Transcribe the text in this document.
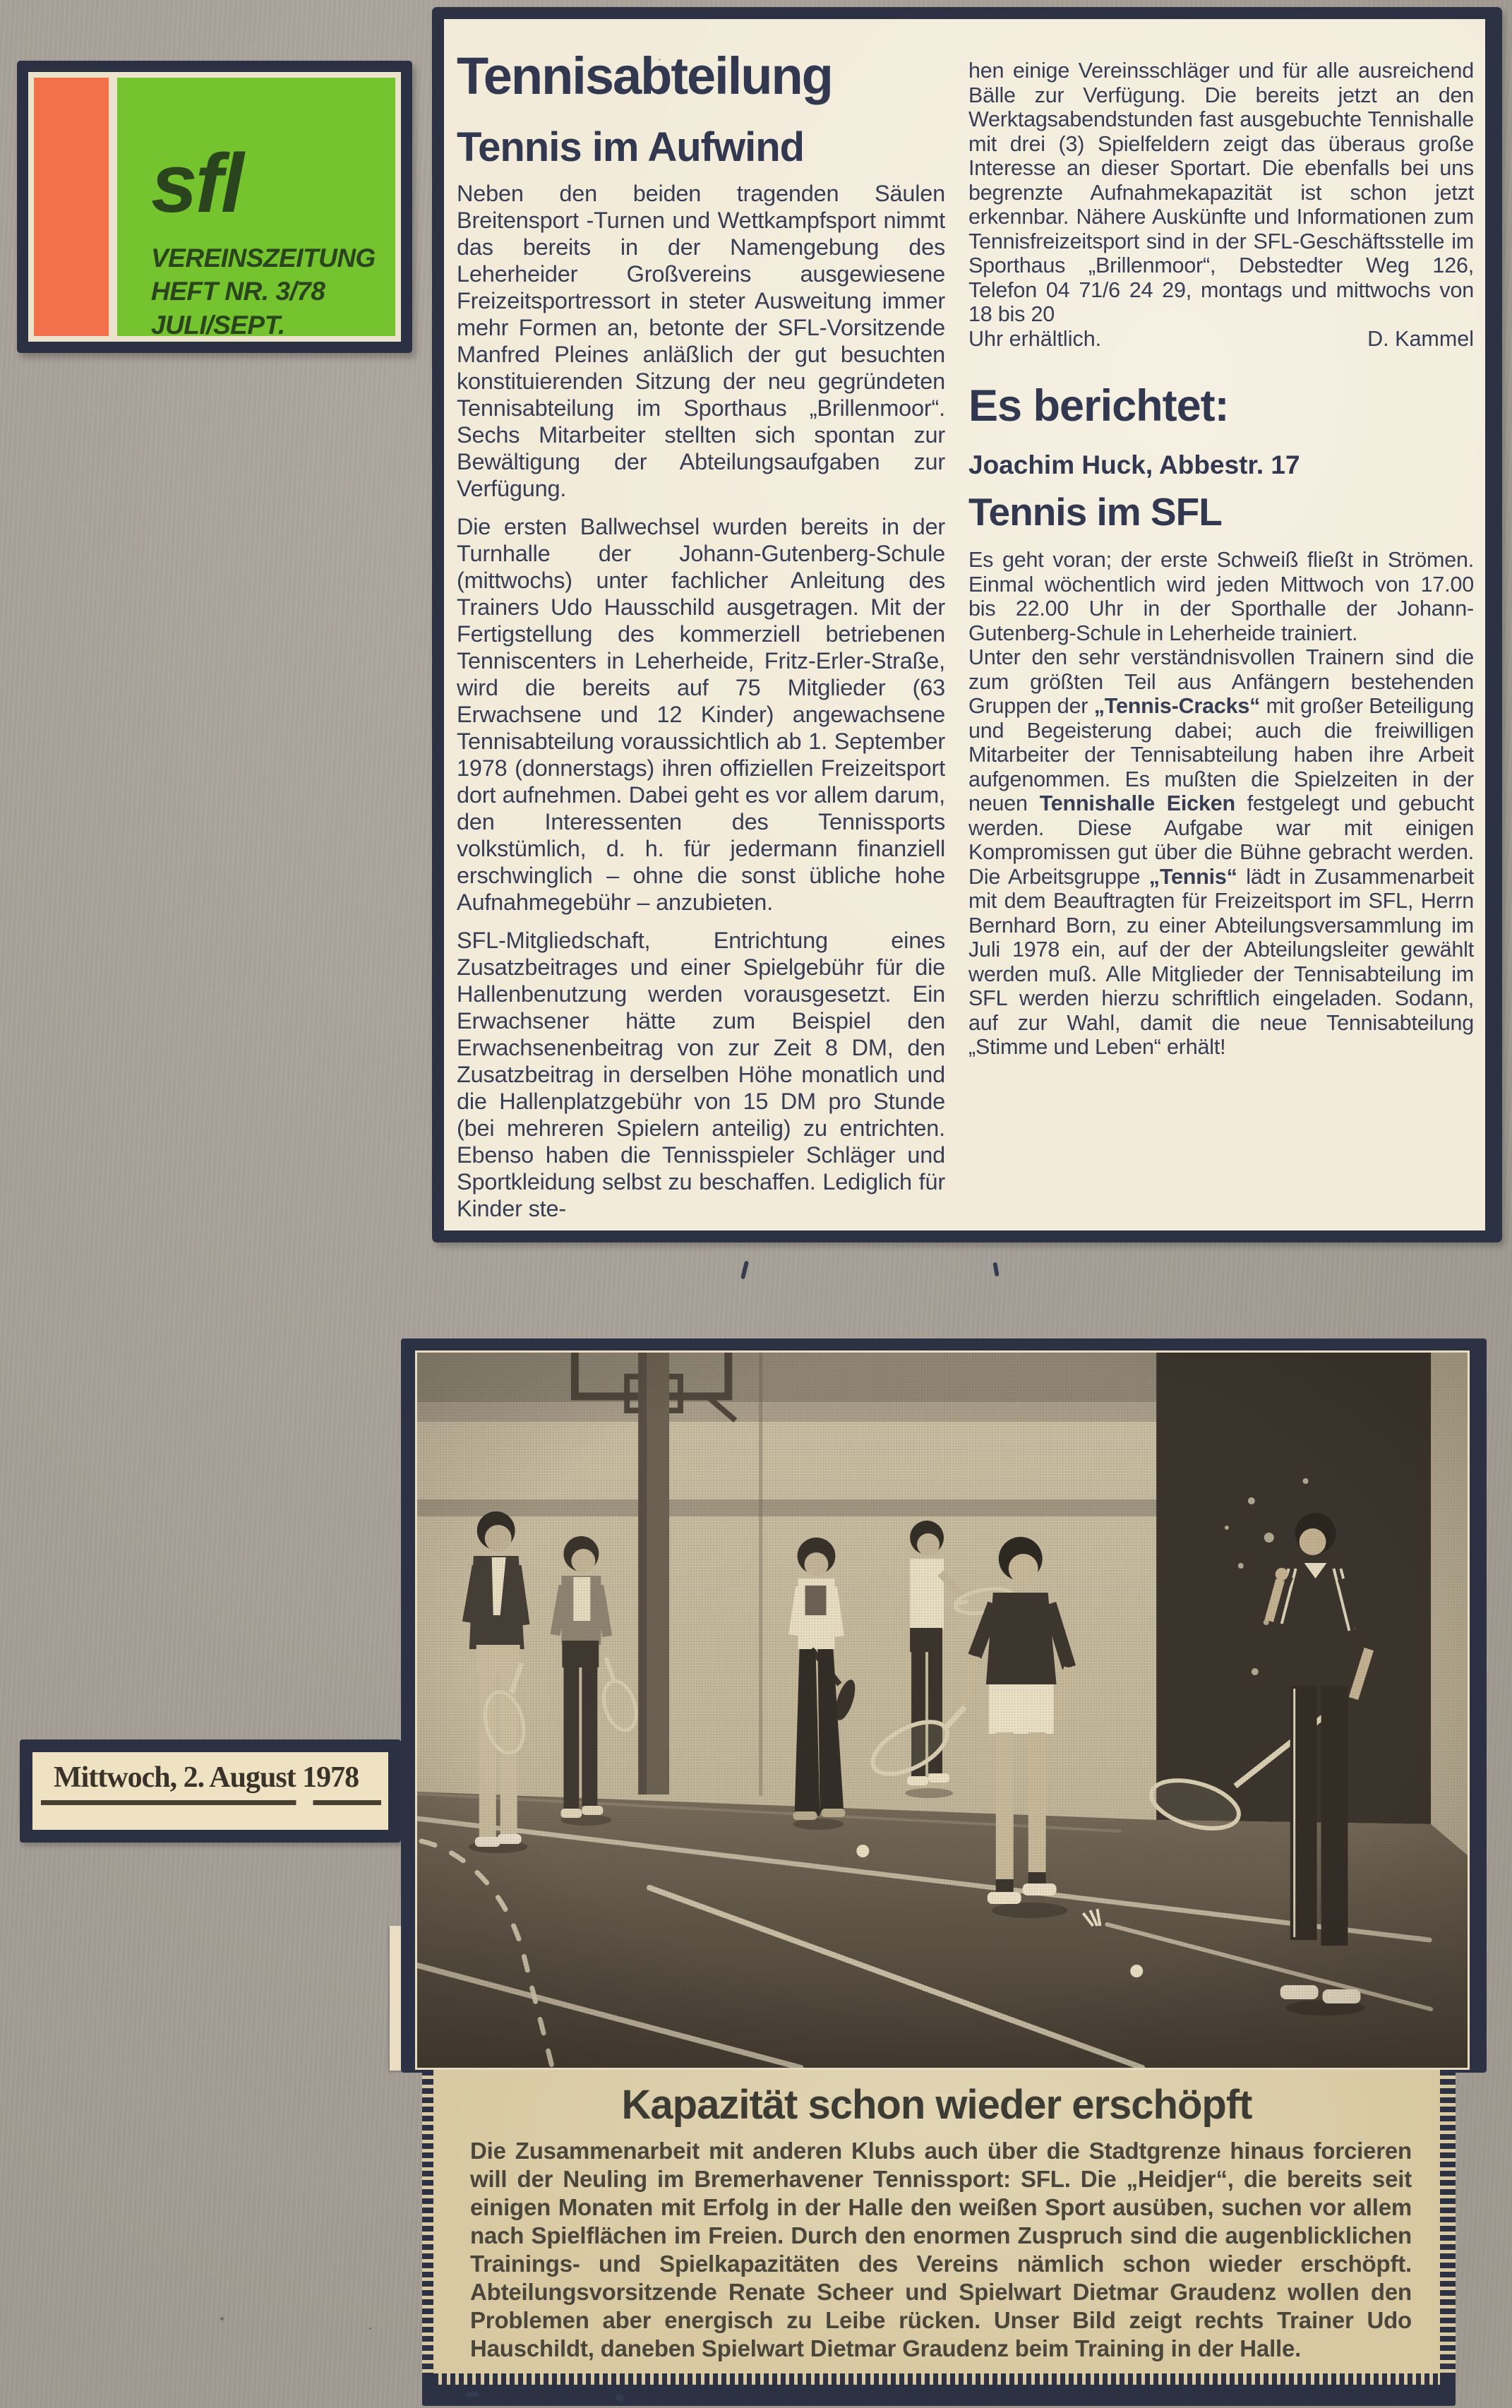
sfl
VEREINSZEITUNG
HEFT NR. 3/78
JULI/SEPT.
Tennisabteilung
Tennis im Aufwind
Neben den beiden tragenden Säulen Breitensport -Turnen und Wettkampfsport nimmt das bereits in der Namengebung des Leherheider Großvereins ausgewiesene Freizeitsportressort in steter Ausweitung immer mehr Formen an, betonte der SFL-Vorsitzende Manfred Pleines anläßlich der gut besuchten konstituierenden Sitzung der neu gegründeten Tennisabteilung im Sporthaus „Brillenmoor“. Sechs Mitarbeiter stellten sich spontan zur Bewältigung der Abteilungsaufgaben zur Verfügung.
Die ersten Ballwechsel wurden bereits in der Turnhalle der Johann-Gutenberg-Schule (mittwochs) unter fachlicher Anleitung des Trainers Udo Hausschild ausgetragen. Mit der Fertigstellung des kommerziell betriebenen Tenniscenters in Leherheide, Fritz-Erler-Straße, wird die bereits auf 75 Mitglieder (63 Erwachsene und 12 Kinder) angewachsene Tennisabteilung voraussichtlich ab 1. September 1978 (donnerstags) ihren offiziellen Freizeitsport dort aufnehmen. Dabei geht es vor allem darum, den Interessenten des Tennissports volkstümlich, d. h. für jedermann finanziell erschwinglich – ohne die sonst übliche hohe Aufnahmegebühr – anzubieten.
SFL-Mitgliedschaft, Entrichtung eines Zusatzbeitrages und einer Spielgebühr für die Hallenbenutzung werden vorausgesetzt. Ein Erwachsener hätte zum Beispiel den Erwachsenenbeitrag von zur Zeit 8 DM, den Zusatzbeitrag in derselben Höhe monatlich und die Hallenplatzgebühr von 15 DM pro Stunde (bei mehreren Spielern anteilig) zu entrichten. Ebenso haben die Tennisspieler Schläger und Sportkleidung selbst zu beschaffen. Lediglich für Kinder ste-
hen einige Vereinsschläger und für alle ausreichend Bälle zur Verfügung. Die bereits jetzt an den Werktagsabendstunden fast ausgebuchte Tennishalle mit drei (3) Spielfeldern zeigt das überaus große Interesse an dieser Sportart. Die ebenfalls bei uns begrenzte Aufnahmekapazität ist schon jetzt erkennbar. Nähere Auskünfte und Informationen zum Tennisfreizeitsport sind in der SFL-Geschäftsstelle im Sporthaus „Brillenmoor“, Debstedter Weg 126, Telefon 04 71/6 24 29, montags und mittwochs von 18 bis 20
Uhr erhältlich.	D. Kammel
Es berichtet:
Joachim Huck, Abbestr. 17
Tennis im SFL
Es geht voran; der erste Schweiß fließt in Strömen. Einmal wöchentlich wird jeden Mittwoch von 17.00 bis 22.00 Uhr in der Sporthalle der Johann-Gutenberg-Schule in Leherheide trainiert.
Unter den sehr verständnisvollen Trainern sind die zum größten Teil aus Anfängern bestehenden Gruppen der „Tennis-Cracks“ mit großer Beteiligung und Begeisterung dabei; auch die freiwilligen Mitarbeiter der Tennisabteilung haben ihre Arbeit aufgenommen. Es mußten die Spielzeiten in der neuen Tennishalle Eicken festgelegt und gebucht werden. Diese Aufgabe war mit einigen Kompromissen gut über die Bühne gebracht werden. Die Arbeitsgruppe „Tennis“ lädt in Zusammenarbeit mit dem Beauftragten für Freizeitsport im SFL, Herrn Bernhard Born, zu einer Abteilungsversammlung im Juli 1978 ein, auf der der Abteilungsleiter gewählt werden muß. Alle Mitglieder der Tennisabteilung im SFL werden hierzu schriftlich eingeladen. Sodann, auf zur Wahl, damit die neue Tennisabteilung „Stimme und Leben“ erhält!
Mittwoch, 2. August 1978
Kapazität schon wieder erschöpft
Die Zusammenarbeit mit anderen Klubs auch über die Stadtgrenze hinaus forcieren will der Neuling im Bremerhavener Tennissport: SFL. Die „Heidjer“, die bereits seit einigen Monaten mit Erfolg in der Halle den weißen Sport ausüben, suchen vor allem nach Spielflächen im Freien. Durch den enormen Zuspruch sind die augenblicklichen Trainings- und Spielkapazitäten des Vereins nämlich schon wieder erschöpft. Abteilungsvorsitzende Renate Scheer und Spielwart Dietmar Graudenz wollen den Problemen aber energisch zu Leibe rücken. Unser Bild zeigt rechts Trainer Udo Hauschildt, daneben Spielwart Dietmar Graudenz beim Training in der Halle.
